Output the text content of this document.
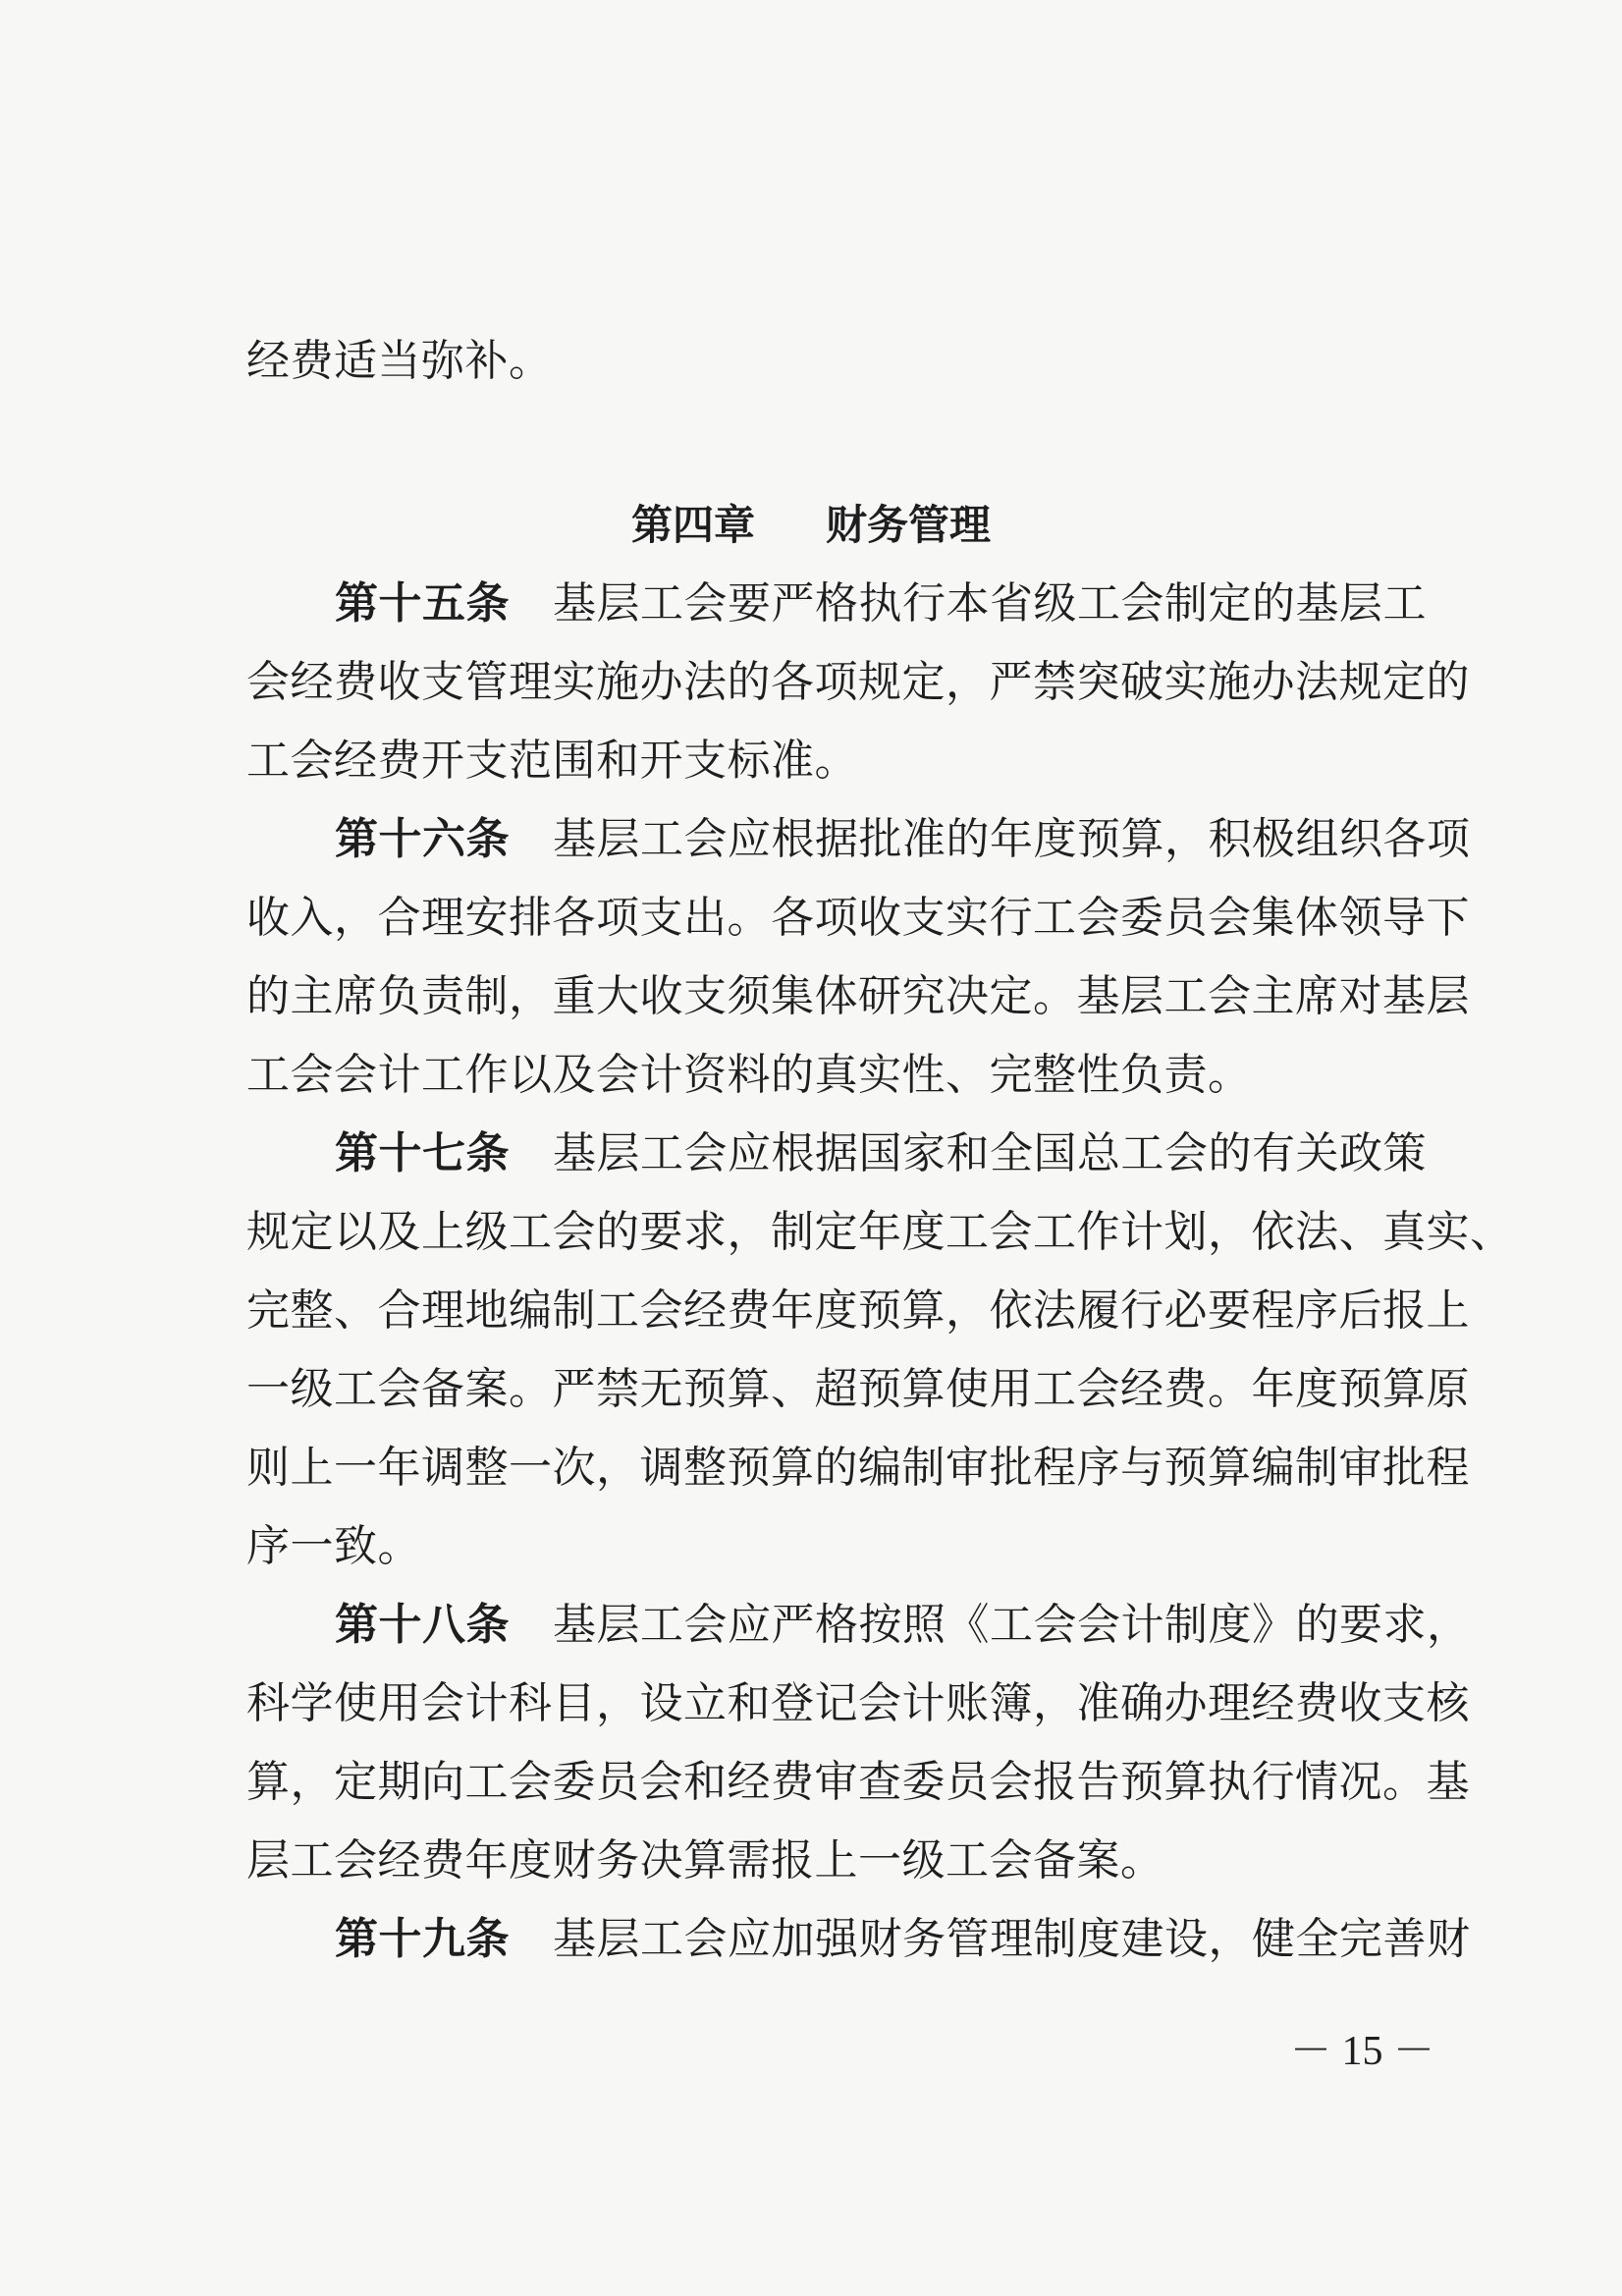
经费适当弥补。
第四章 财务管理
第十五条 基层工会要严格执行本省级工会制定的基层工
会经费收支管理实施办法的各项规定，严禁突破实施办法规定的
工会经费开支范围和开支标准。
第十六条 基层工会应根据批准的年度预算，积极组织各项
收入，合理安排各项支出。各项收支实行工会委员会集体领导下
的主席负责制，重大收支须集体研究决定。基层工会主席对基层
工会会计工作以及会计资料的真实性、完整性负责。
第十七条 基层工会应根据国家和全国总工会的有关政策
规定以及上级工会的要求，制定年度工会工作计划，依法、真实、
完整、合理地编制工会经费年度预算，依法履行必要程序后报上
一级工会备案。严禁无预算、超预算使用工会经费。年度预算原
则上一年调整一次，调整预算的编制审批程序与预算编制审批程
序一致。
第十八条 基层工会应严格按照《工会会计制度》的要求，
科学使用会计科目，设立和登记会计账簿，准确办理经费收支核
算，定期向工会委员会和经费审查委员会报告预算执行情况。基
层工会经费年度财务决算需报上一级工会备案。
第十九条 基层工会应加强财务管理制度建设，健全完善财
－ 15 －
